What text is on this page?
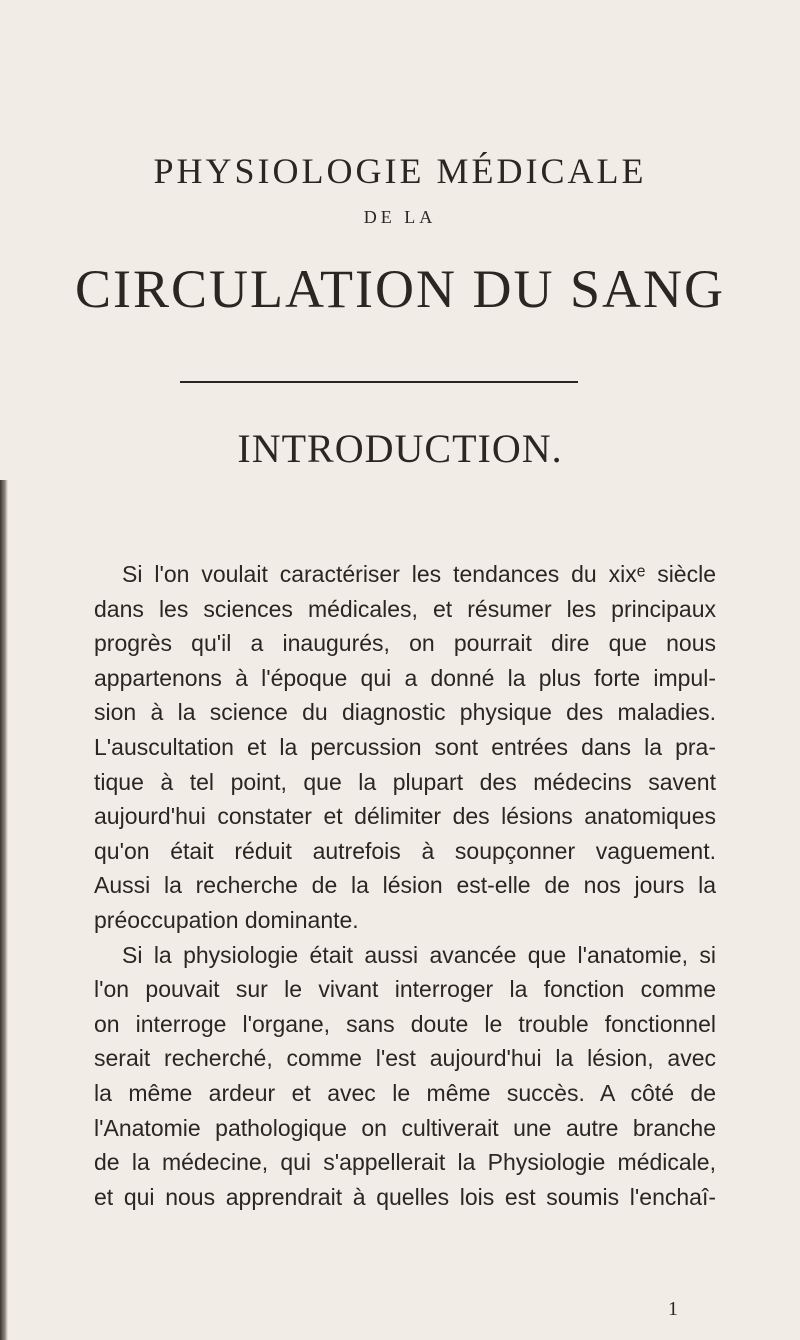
PHYSIOLOGIE MÉDICALE
DE LA
CIRCULATION DU SANG
INTRODUCTION.

Si l'on voulait caractériser les tendances du xixᵉ siècle
dans les sciences médicales, et résumer les principaux
progrès qu'il a inaugurés, on pourrait dire que nous
appartenons à l'époque qui a donné la plus forte impul-
sion à la science du diagnostic physique des maladies.
L'auscultation et la percussion sont entrées dans la pra-
tique à tel point, que la plupart des médecins savent
aujourd'hui constater et délimiter des lésions anatomiques
qu'on était réduit autrefois à soupçonner vaguement.
Aussi la recherche de la lésion est-elle de nos jours la
préoccupation dominante.

Si la physiologie était aussi avancée que l'anatomie, si
l'on pouvait sur le vivant interroger la fonction comme
on interroge l'organe, sans doute le trouble fonctionnel
serait recherché, comme l'est aujourd'hui la lésion, avec
la même ardeur et avec le même succès. A côté de
l'Anatomie pathologique on cultiverait une autre branche
de la médecine, qui s'appellerait la Physiologie médicale,
et qui nous apprendrait à quelles lois est soumis l'enchaî-

1
